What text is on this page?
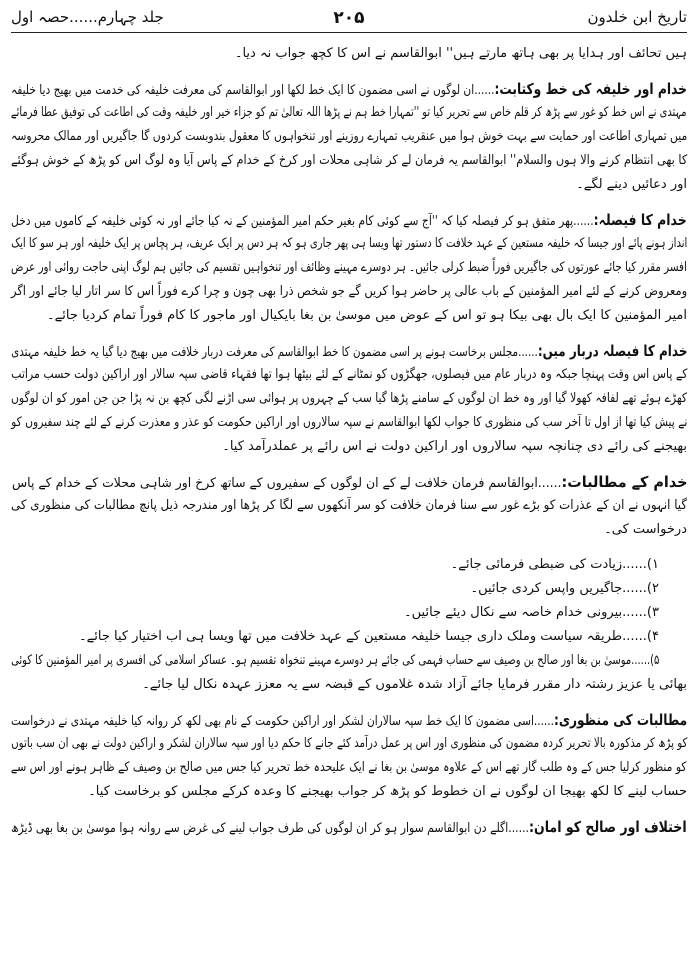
تاریخ ابن خلدون
۲۰۵
جلد چہارم......حصہ اول
ہیں تحائف اور ہدایا پر بھی ہاتھ مارتے ہیں'' ابوالقاسم نے اس کا کچھ جواب نہ دیا۔
خدام اور خلیفہ کی خط وکتابت:......ان لوگوں نے اسی مضمون کا ایک خط لکھا اور ابوالقاسم کی معرفت خلیفہ کی خدمت میں بھیج دیا خلیفہ
مہتدی نے اس خط کو غور سے پڑھ کر قلم خاص سے تحریر کیا تو ''تمہارا خط ہم نے پڑھا اللہ تعالیٰ تم کو جزاء خیر اور خلیفہ وقت کی اطاعت کی توفیق عطا فرمائے
میں تمہاری اطاعت اور حمایت سے بہت خوش ہوا میں عنقریب تمہارے روزینے اور تنخواہوں کا معقول بندوبست کردوں گا جاگیریں اور ممالک محروسہ
کا بھی انتظام کرنے والا ہوں والسلام'' ابوالقاسم یہ فرمان لے کر شاہی محلات اور کرخ کے خدام کے پاس آیا وہ لوگ اس کو پڑھ کے خوش ہوگئے
اور دعائیں دینے لگے۔
خدام کا فیصلہ:......پھر متفق ہو کر فیصلہ کیا کہ ''آج سے کوئی کام بغیر حکم امیر المؤمنین کے نہ کیا جائے اور نہ کوئی خلیفہ کے کاموں میں دخل
انداز ہونے پائے اور جیسا کہ خلیفہ مستعین کے عہد خلافت کا دستور تھا ویسا ہی پھر جاری ہو کہ ہر دس پر ایک عریف، ہر پچاس پر ایک خلیفہ اور ہر سو کا ایک
افسر مقرر کیا جائے عورتوں کی جاگیریں فوراً ضبط کرلی جائیں۔ ہر دوسرے مہینے وظائف اور تنخواہیں تقسیم کی جائیں ہم لوگ اپنی حاجت روائی اور عرض
ومعروض کرنے کے لئے امیر المؤمنین کے باب عالی پر حاضر ہوا کریں گے جو شخص ذرا بھی چون و چرا کرے فوراً اس کا سر اتار لیا جائے اور اگر
امیر المؤمنین کا ایک بال بھی بیکا ہو تو اس کے عوض میں موسیٰ بن بغا بایکیال اور ماجور کا کام فوراً تمام کردیا جائے۔
خدام کا فیصلہ دربار میں:......مجلس برخاست ہونے پر اسی مضمون کا خط ابوالقاسم کی معرفت دربار خلافت میں بھیج دیا گیا یہ خط خلیفہ مہتدی
کے پاس اس وقت پہنچا جبکہ وہ دربار عام میں فیصلوں، جھگڑوں کو نمٹانے کے لئے بیٹھا ہوا تھا فقہاء قاضی سپہ سالار اور اراکین دولت حسب مراتب
کھڑے ہوئے تھے لفافہ کھولا گیا اور وہ خط ان لوگوں کے سامنے پڑھا گیا سب کے چہروں پر ہوائی سی اڑنے لگی کچھ بن نہ پڑا جن جن امور کو ان لوگوں
نے پیش کیا تھا از اول تا آخر سب کی منظوری کا جواب لکھا ابوالقاسم نے سپہ سالاروں اور اراکین حکومت کو عذر و معذرت کرنے کے لئے چند سفیروں کو
بھیجنے کی رائے دی چنانچہ سپہ سالاروں اور اراکین دولت نے اس رائے پر عملدرآمد کیا۔
خدام کے مطالبات:......ابوالقاسم فرمان خلافت لے کے ان لوگوں کے سفیروں کے ساتھ کرخ اور شاہی محلات کے خدام کے پاس
گیا انہوں نے ان کے عذرات کو بڑے غور سے سنا فرمان خلافت کو سر آنکھوں سے لگا کر پڑھا اور مندرجہ ذیل پانچ مطالبات کی منظوری کی
درخواست کی۔
۱)......زیادت کی ضبطی فرمائی جائے۔
۲)......جاگیریں واپس کردی جائیں۔
۳)......بیرونی خدام خاصہ سے نکال دیئے جائیں۔
۴)......طریقہ سیاست وملک داری جیسا خلیفہ مستعین کے عہد خلافت میں تھا ویسا ہی اب اختیار کیا جائے۔
۵)......موسیٰ بن بغا اور صالح بن وصیف سے حساب فہمی کی جائے ہر دوسرے مہینے تنخواہ تقسیم ہو۔ عساکر اسلامی کی افسری پر امیر المؤمنین کا کوئی
بھائی یا عزیز رشتہ دار مقرر فرمایا جائے آزاد شدہ غلاموں کے قبضہ سے یہ معزز عہدہ نکال لیا جائے۔
مطالبات کی منظوری:......اسی مضمون کا ایک خط سپہ سالاران لشکر اور اراکین حکومت کے نام بھی لکھ کر روانہ کیا خلیفہ مہتدی نے درخواست
کو پڑھ کر مذکورہ بالا تحریر کردہ مضمون کی منظوری اور اس پر عمل درآمد کئے جانے کا حکم دیا اور سپہ سالاران لشکر و اراکین دولت نے بھی ان سب باتوں
کو منظور کرلیا جس کے وہ طلب گار تھے اس کے علاوہ موسیٰ بن بغا نے ایک علیحدہ خط تحریر کیا جس میں صالح بن وصیف کے ظاہر ہونے اور اس سے
حساب لینے کا لکھ بھیجا ان لوگوں نے ان خطوط کو پڑھ کر جواب بھیجنے کا وعدہ کرکے مجلس کو برخاست کیا۔
اختلاف اور صالح کو امان:......اگلے دن ابوالقاسم سوار ہو کر ان لوگوں کی طرف جواب لینے کی غرض سے روانہ ہوا موسیٰ بن بغا بھی ڈیڑھ
